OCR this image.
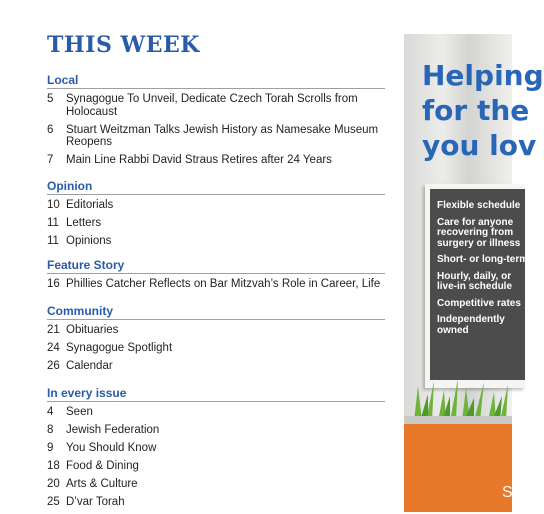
THIS WEEK
Local
5	Synagogue To Unveil, Dedicate Czech Torah Scrolls from Holocaust
6	Stuart Weitzman Talks Jewish History as Namesake Museum Reopens
7	Main Line Rabbi David Straus Retires after 24 Years
Opinion
10 Editorials
11 Letters
11 Opinions
Feature Story
16 Phillies Catcher Reflects on Bar Mitzvah’s Role in Career, Life
Community
21 Obituaries
24 Synagogue Spotlight
26 Calendar
In every issue
4	Seen
8	Jewish Federation
9	You Should Know
18 Food & Dining
20 Arts & Culture
25 D’var Torah
Helping
for the
you lov
Flexible schedule
Care for anyone
recovering from
surgery or illness
Short- or long-term
Hourly, daily, or
live-in schedule
Competitive rates
Independently
owned
S
